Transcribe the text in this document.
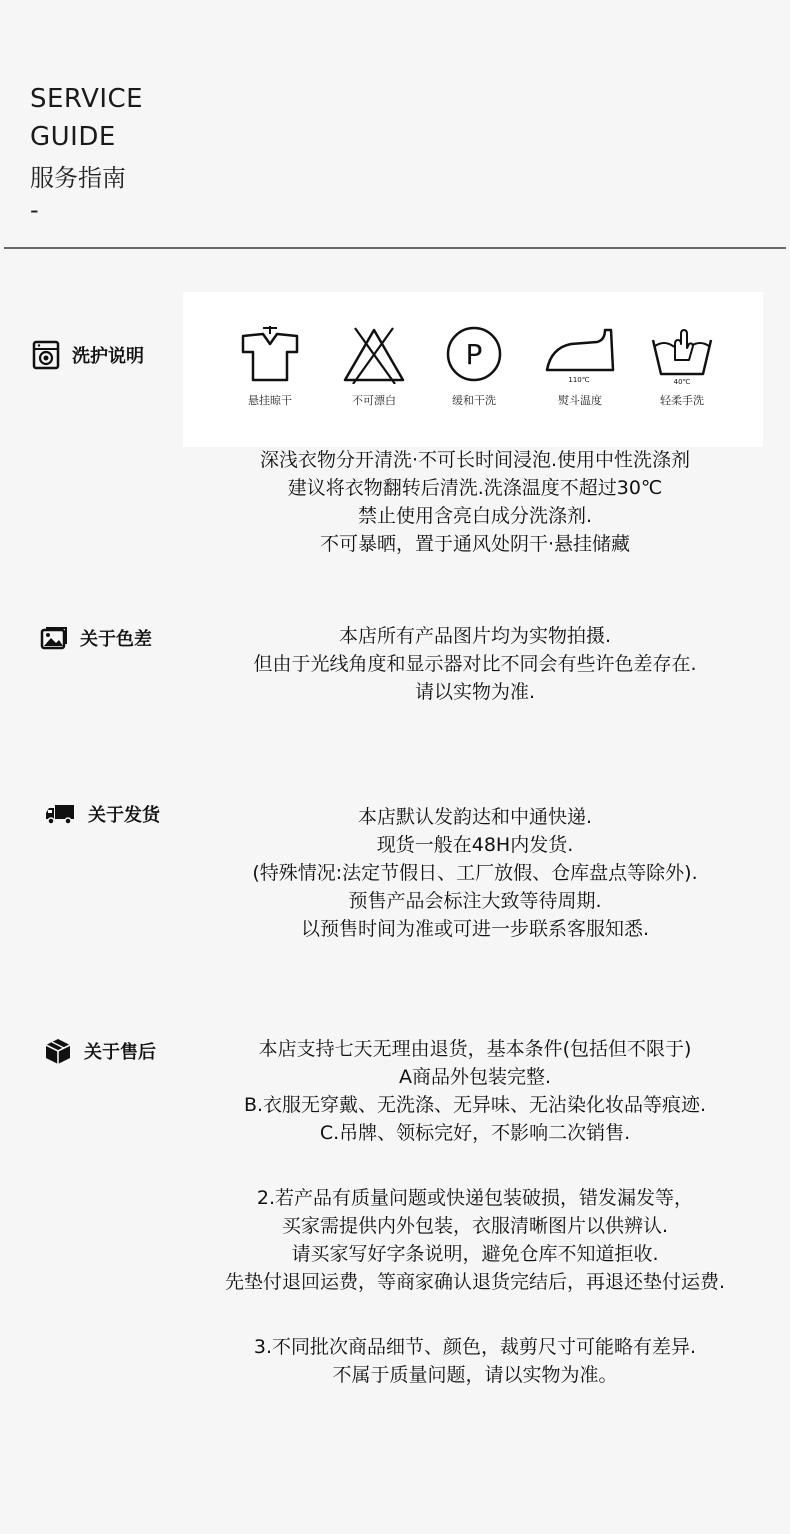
SERVICE
GUIDE
服务指南
-
洗护说明
悬挂晾干	不可漂白
P
缓和干洗
110℃
熨斗温度
40℃
轻柔手洗
深浅衣物分开清洗·不可长时间浸泡.使用中性洗涤剂
建议将衣物翻转后清洗.洗涤温度不超过30℃
禁止使用含亮白成分洗涤剂.
不可暴晒，置于通风处阴干·悬挂储藏
关于色差	本店所有产品图片均为实物拍摄.
但由于光线角度和显示器对比不同会有些许色差存在.
请以实物为准.
关于发货	本店默认发韵达和中通快递.
现货一般在48H内发货.
(特殊情况:法定节假日、工厂放假、仓库盘点等除外).
预售产品会标注大致等待周期.
以预售时间为准或可进一步联系客服知悉.
关于售后	本店支持七天无理由退货，基本条件(包括但不限于)
A商品外包装完整.
B.衣服无穿戴、无洗涤、无异味、无沾染化妆品等痕迹.
C.吊牌、领标完好，不影响二次销售.
2.若产品有质量问题或快递包装破损，错发漏发等，
买家需提供内外包装，衣服清晰图片以供辨认.
请买家写好字条说明，避免仓库不知道拒收.
先垫付退回运费，等商家确认退货完结后，再退还垫付运费.
3.不同批次商品细节、颜色，裁剪尺寸可能略有差异.
不属于质量问题，请以实物为准。
